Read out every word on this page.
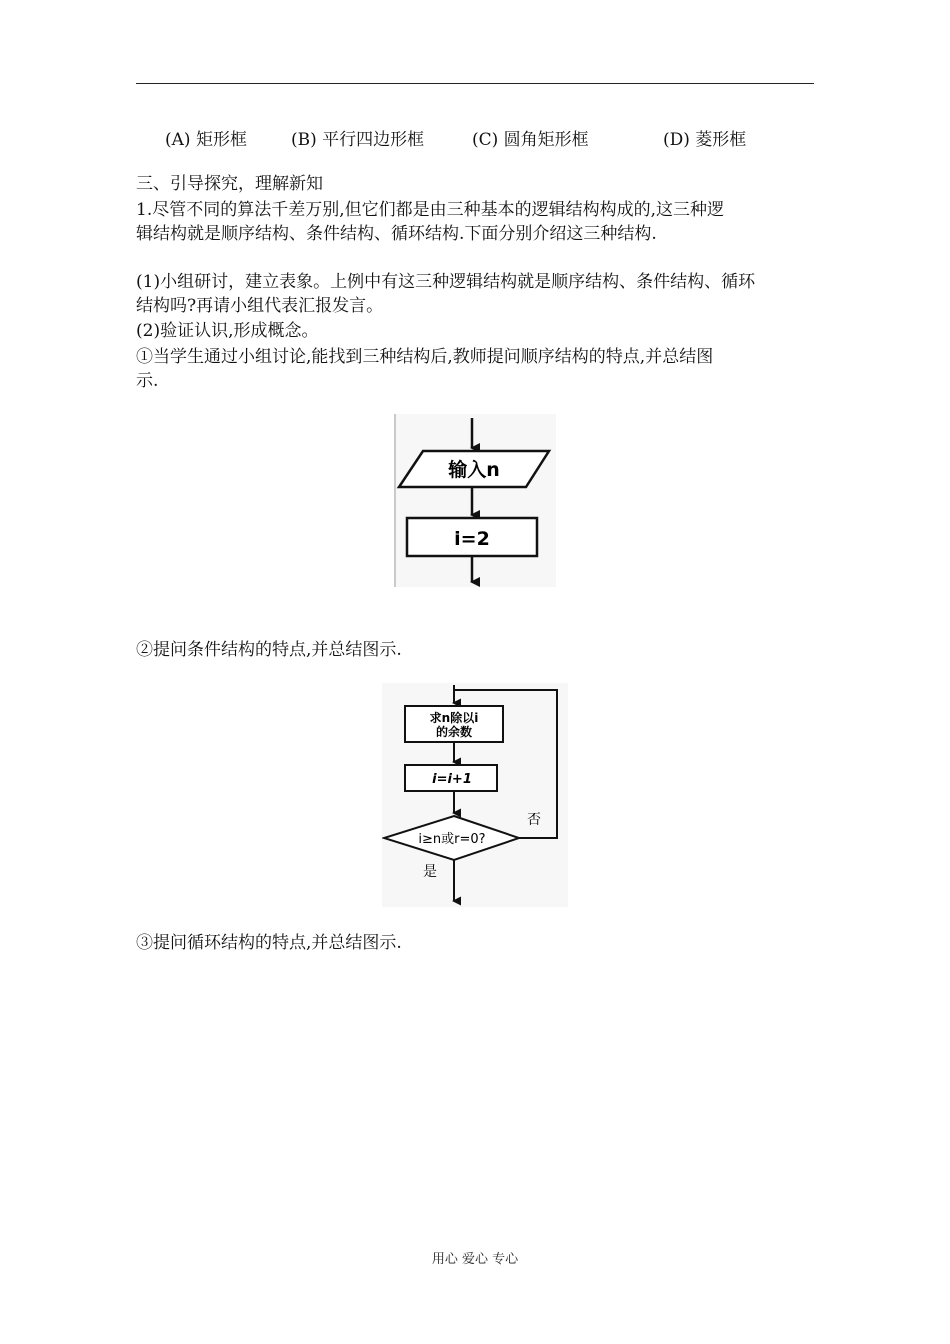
(A) 矩形框	(B) 平行四边形框	(C) 圆角矩形框	(D) 菱形框
三、引导探究，理解新知
1.尽管不同的算法千差万别,但它们都是由三种基本的逻辑结构构成的,这三种逻
辑结构就是顺序结构、条件结构、循环结构.下面分别介绍这三种结构.
(1)小组研讨，建立表象。上例中有这三种逻辑结构就是顺序结构、条件结构、循环
结构吗?再请小组代表汇报发言。
(2)验证认识,形成概念。
①当学生通过小组讨论,能找到三种结构后,教师提问顺序结构的特点,并总结图
示.
输入n
i=2
②提问条件结构的特点,并总结图示.
求n除以i
的余数
i=i+1
i≥n或r=0?
否
是
③提问循环结构的特点,并总结图示.
用心 爱心 专心
